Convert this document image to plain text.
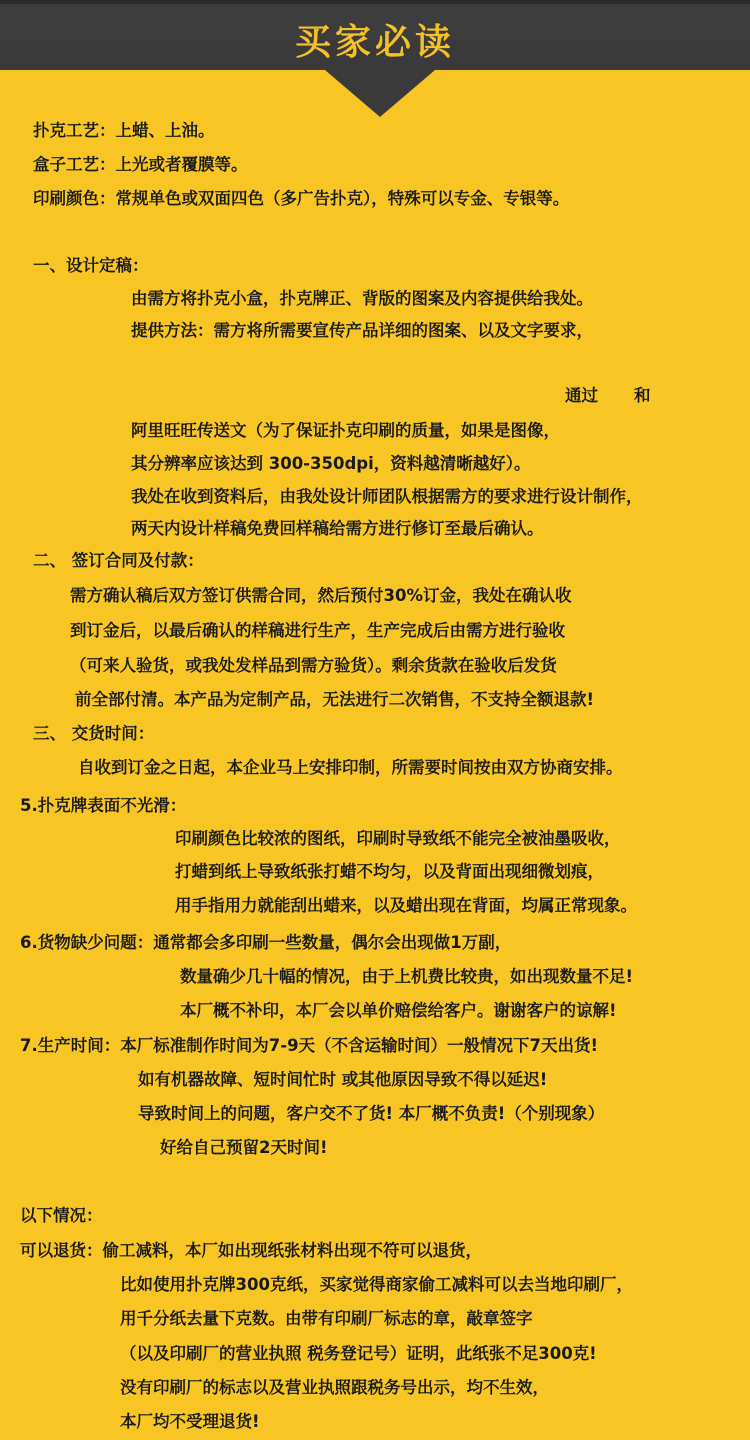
买家必读
扑克工艺：上蜡、上油。
盒子工艺：上光或者覆膜等。
印刷颜色：常规单色或双面四色（多广告扑克），特殊可以专金、专银等。
一、设计定稿：
由需方将扑克小盒，扑克牌正、背版的图案及内容提供给我处。
提供方法：需方将所需要宣传产品详细的图案、以及文字要求，
通过 和
阿里旺旺传送文（为了保证扑克印刷的质量，如果是图像，
其分辨率应该达到 300-350dpi，资料越清晰越好）。
我处在收到资料后，由我处设计师团队根据需方的要求进行设计制作，
两天内设计样稿免费回样稿给需方进行修订至最后确认。
二、 签订合同及付款：
需方确认稿后双方签订供需合同，然后预付30%订金，我处在确认收
到订金后，以最后确认的样稿进行生产，生产完成后由需方进行验收
（可来人验货，或我处发样品到需方验货）。剩余货款在验收后发货
前全部付清。本产品为定制产品，无法进行二次销售，不支持全额退款!
三、 交货时间：
自收到订金之日起，本企业马上安排印制，所需要时间按由双方协商安排。
5.扑克牌表面不光滑：
印刷颜色比较浓的图纸，印刷时导致纸不能完全被油墨吸收，
打蜡到纸上导致纸张打蜡不均匀，以及背面出现细微划痕，
用手指用力就能刮出蜡来，以及蜡出现在背面，均属正常现象。
6.货物缺少问题：通常都会多印刷一些数量，偶尔会出现做1万副，
数量确少几十幅的情况，由于上机费比较贵，如出现数量不足!
本厂概不补印，本厂会以单价赔偿给客户。谢谢客户的谅解!
7.生产时间：本厂标准制作时间为7-9天（不含运输时间）一般情况下7天出货!
如有机器故障、短时间忙时 或其他原因导致不得以延迟!
导致时间上的问题，客户交不了货! 本厂概不负责!（个别现象）
好给自己预留2天时间!
以下情况：
可以退货：偷工减料，本厂如出现纸张材料出现不符可以退货，
比如使用扑克牌300克纸，买家觉得商家偷工减料可以去当地印刷厂，
用千分纸去量下克数。由带有印刷厂标志的章，敲章签字
（以及印刷厂的营业执照 税务登记号）证明，此纸张不足300克!
没有印刷厂的标志以及营业执照跟税务号出示，均不生效，
本厂均不受理退货!
